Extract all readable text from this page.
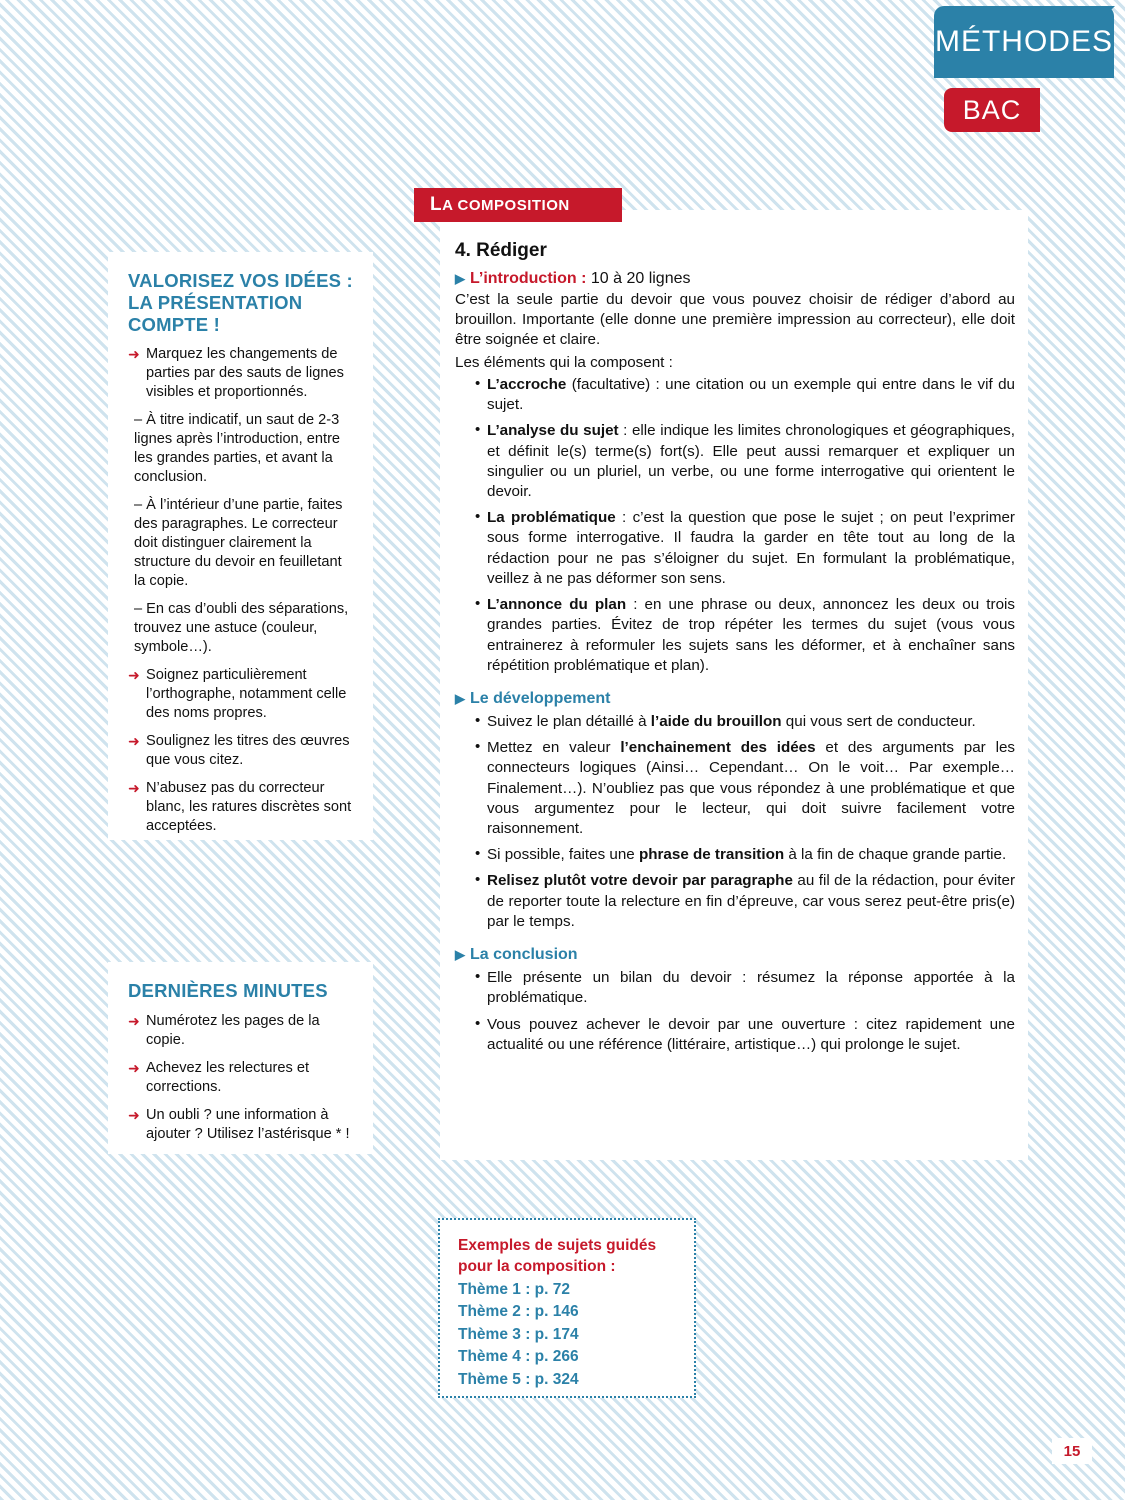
MÉTHODES
BAC
L A COMPOSITION
4. Rédiger
▶ L’introduction : 10 à 20 lignes

C’est la seule partie du devoir que vous pouvez choisir de rédiger d’abord au brouillon. Importante (elle donne une première impression au correcteur), elle doit être soignée et claire.

Les éléments qui la composent :

• L’accroche (facultative) : une citation ou un exemple qui entre dans le vif du sujet.
• L’analyse du sujet : elle indique les limites chronologiques et géographiques, et définit le(s) terme(s) fort(s). Elle peut aussi remarquer et expliquer un singulier ou un pluriel, un verbe, ou une forme interrogative qui orientent le devoir.
• La problématique : c’est la question que pose le sujet ; on peut l’exprimer sous forme interrogative. Il faudra la garder en tête tout au long de la rédaction pour ne pas s’éloigner du sujet. En formulant la problématique, veillez à ne pas déformer son sens.
• L’annonce du plan : en une phrase ou deux, annoncez les deux ou trois grandes parties. Évitez de trop répéter les termes du sujet (vous vous entrainerez à reformuler les sujets sans les déformer, et à enchaîner sans répétition problématique et plan).
▶ Le développement
• Suivez le plan détaillé à l’aide du brouillon qui vous sert de conducteur.
• Mettez en valeur l’enchainement des idées et des arguments par les connecteurs logiques (Ainsi… Cependant… On le voit… Par exemple… Finalement…). N’oubliez pas que vous répondez à une problématique et que vous argumentez pour le lecteur, qui doit suivre facilement votre raisonnement.
• Si possible, faites une phrase de transition à la fin de chaque grande partie.
• Relisez plutôt votre devoir par paragraphe au fil de la rédaction, pour éviter de reporter toute la relecture en fin d’épreuve, car vous serez peut-être pris(e) par le temps.
▶ La conclusion
• Elle présente un bilan du devoir : résumez la réponse apportée à la problématique.
• Vous pouvez achever le devoir par une ouverture : citez rapidement une actualité ou une référence (littéraire, artistique…) qui prolonge le sujet.
VALORISEZ VOS IDÉES : LA PRÉSENTATION COMPTE !
➜ Marquez les changements de parties par des sauts de lignes visibles et proportionnés.
– À titre indicatif, un saut de 2-3 lignes après l’introduction, entre les grandes parties, et avant la conclusion.
– À l’intérieur d’une partie, faites des paragraphes. Le correcteur doit distinguer clairement la structure du devoir en feuilletant la copie.
– En cas d’oubli des séparations, trouvez une astuce (couleur, symbole…).
➜ Soignez particulièrement l’orthographe, notamment celle des noms propres.
➜ Soulignez les titres des œuvres que vous citez.
➜ N’abusez pas du correcteur blanc, les ratures discrètes sont acceptées.
DERNIÈRES MINUTES
➜ Numérotez les pages de la copie.
➜ Achevez les relectures et corrections.
➜ Un oubli ? une information à ajouter ? Utilisez l’astérisque * !
Exemples de sujets guidés
pour la composition :
Thème 1 : p. 72
Thème 2 : p. 146
Thème 3 : p. 174
Thème 4 : p. 266
Thème 5 : p. 324
15
